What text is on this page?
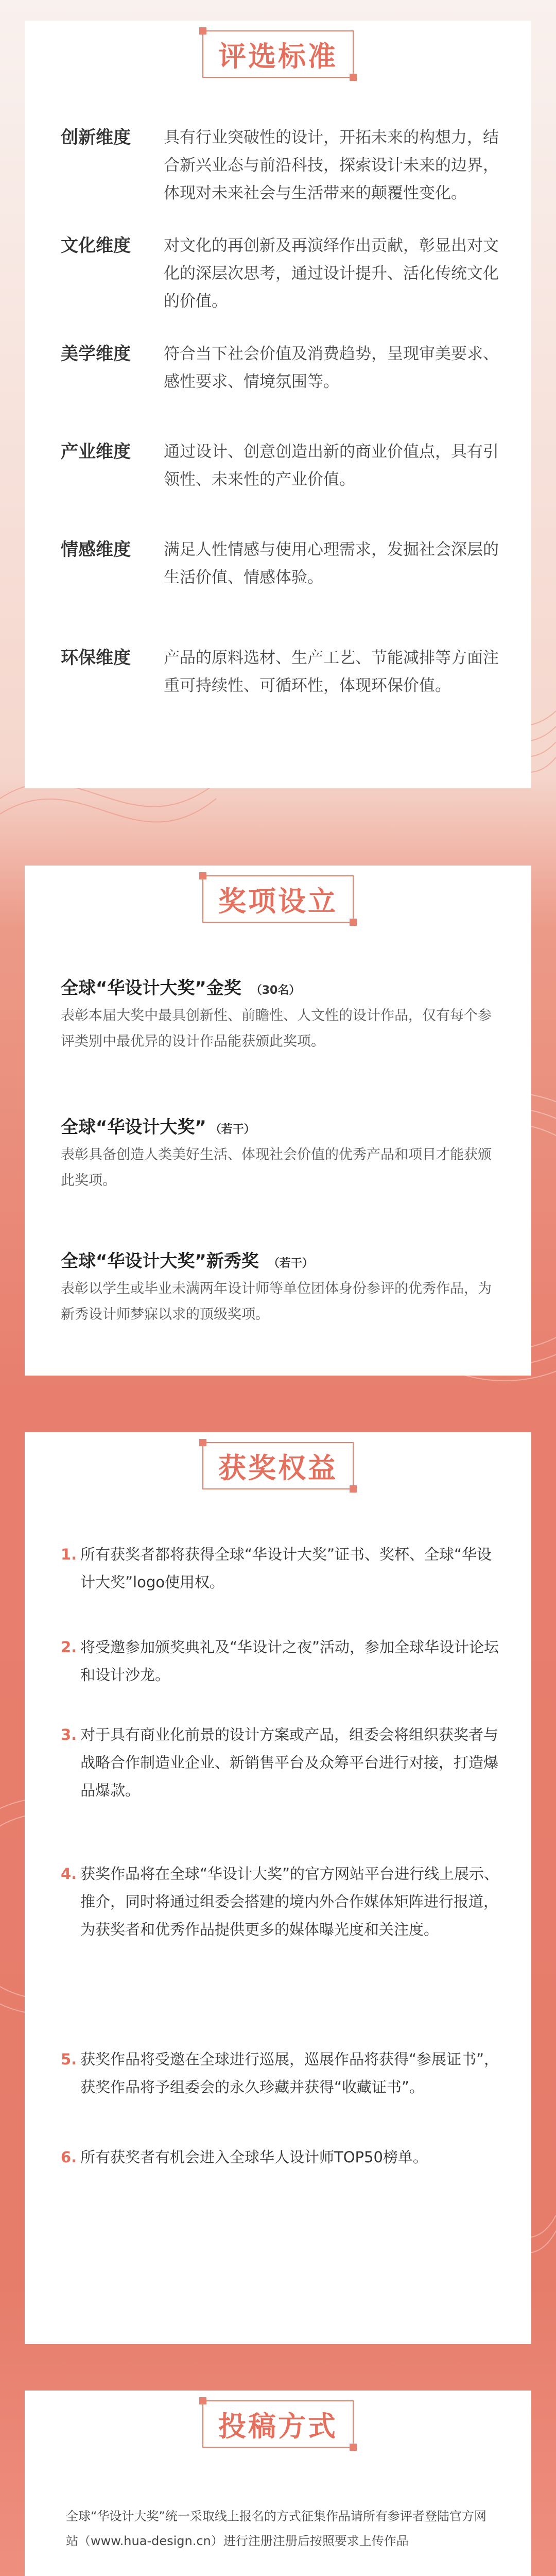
评选标准
创新维度	具有行业突破性的设计，开拓未来的构想力，结合新兴业态与前沿科技，探索设计未来的边界，体现对未来社会与生活带来的颠覆性变化。
文化维度	对文化的再创新及再演绎作出贡献，彰显出对文化的深层次思考，通过设计提升、活化传统文化的价值。
美学维度	符合当下社会价值及消费趋势，呈现审美要求、感性要求、情境氛围等。
产业维度	通过设计、创意创造出新的商业价值点，具有引领性、未来性的产业价值。
情感维度	满足人性情感与使用心理需求，发掘社会深层的生活价值、情感体验。
环保维度	产品的原料选材、生产工艺、节能减排等方面注重可持续性、可循环性，体现环保价值。
奖项设立
全球“华设计大奖”金奖 （30名）
表彰本届大奖中最具创新性、前瞻性、人文性的设计作品，仅有每个参评类别中最优异的设计作品能获颁此奖项。
全球“华设计大奖” （若干）
表彰具备创造人类美好生活、体现社会价值的优秀产品和项目才能获颁此奖项。
全球“华设计大奖”新秀奖 （若干）
表彰以学生或毕业未满两年设计师等单位团体身份参评的优秀作品，为新秀设计师梦寐以求的顶级奖项。
获奖权益
1. 所有获奖者都将获得全球“华设计大奖”证书、奖杯、全球“华设计大奖”logo使用权。
2. 将受邀参加颁奖典礼及“华设计之夜”活动，参加全球华设计论坛和设计沙龙。
3. 对于具有商业化前景的设计方案或产品，组委会将组织获奖者与战略合作制造业企业、新销售平台及众筹平台进行对接，打造爆品爆款。
4. 获奖作品将在全球“华设计大奖”的官方网站平台进行线上展示、推介，同时将通过组委会搭建的境内外合作媒体矩阵进行报道，为获奖者和优秀作品提供更多的媒体曝光度和关注度。
5. 获奖作品将受邀在全球进行巡展，巡展作品将获得“参展证书”，获奖作品将予组委会的永久珍藏并获得“收藏证书”。
6. 所有获奖者有机会进入全球华人设计师TOP50榜单。
投稿方式
全球“华设计大奖”统一采取线上报名的方式征集作品请所有参评者登陆官方网站（www.hua-design.cn）进行注册注册后按照要求上传作品
